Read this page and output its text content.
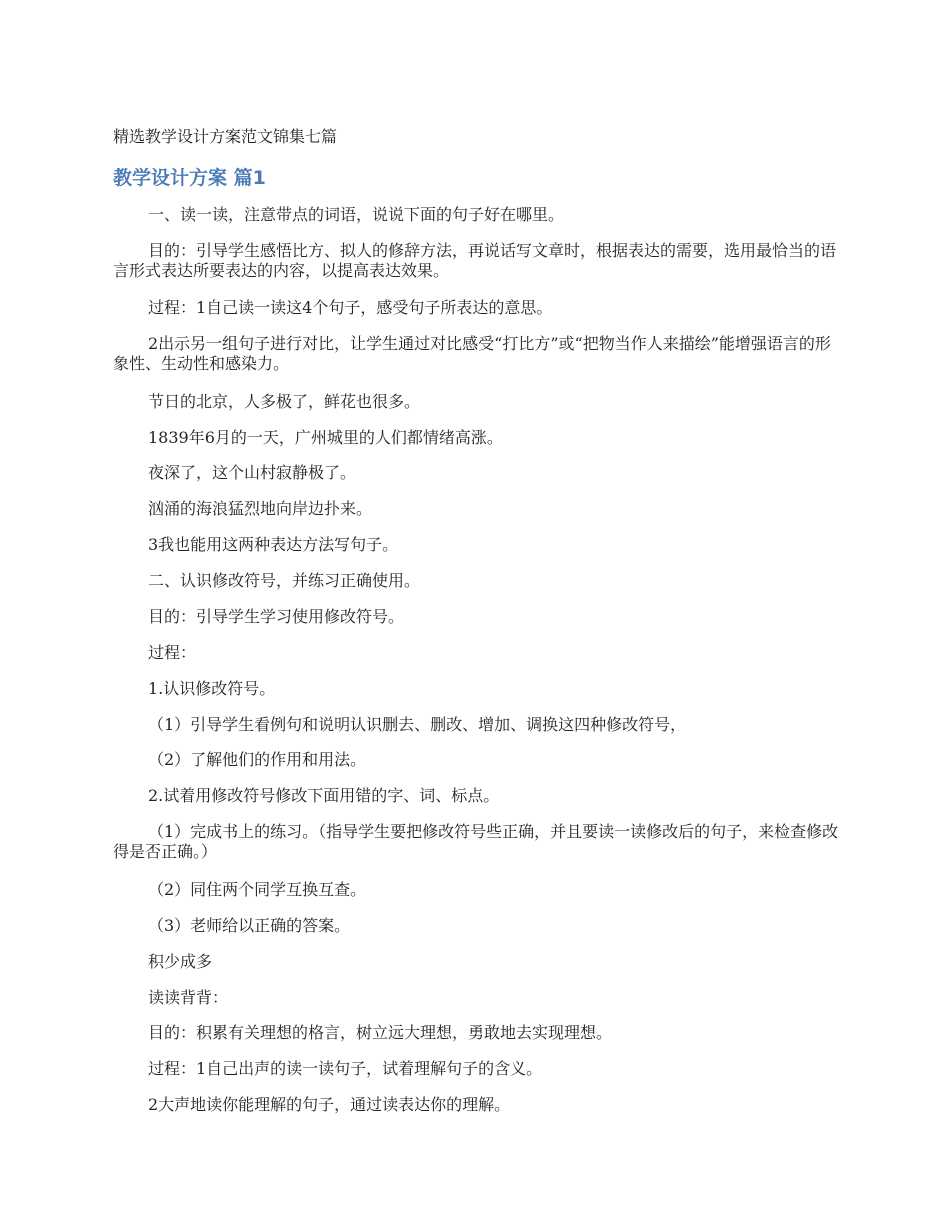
精选教学设计方案范文锦集七篇
教学设计方案 篇1
一、读一读，注意带点的词语，说说下面的句子好在哪里。
目的：引导学生感悟比方、拟人的修辞方法，再说话写文章时，根据表达的需要，选用最恰当的语言形式表达所要表达的内容，以提高表达效果。
过程：1自己读一读这4个句子，感受句子所表达的意思。
2出示另一组句子进行对比，让学生通过对比感受“打比方”或“把物当作人来描绘”能增强语言的形象性、生动性和感染力。
节日的北京，人多极了，鲜花也很多。
1839年6月的一天，广州城里的人们都情绪高涨。
夜深了，这个山村寂静极了。
汹涌的海浪猛烈地向岸边扑来。
3我也能用这两种表达方法写句子。
二、认识修改符号，并练习正确使用。
目的：引导学生学习使用修改符号。
过程：
1.认识修改符号。
（1）引导学生看例句和说明认识删去、删改、增加、调换这四种修改符号，
（2）了解他们的作用和用法。
2.试着用修改符号修改下面用错的字、词、标点。
（1）完成书上的练习。（指导学生要把修改符号些正确，并且要读一读修改后的句子，来检查修改得是否正确。）
（2）同住两个同学互换互查。
（3）老师给以正确的答案。
积少成多
读读背背：
目的：积累有关理想的格言，树立远大理想，勇敢地去实现理想。
过程：1自己出声的读一读句子，试着理解句子的含义。
2大声地读你能理解的句子，通过读表达你的理解。
